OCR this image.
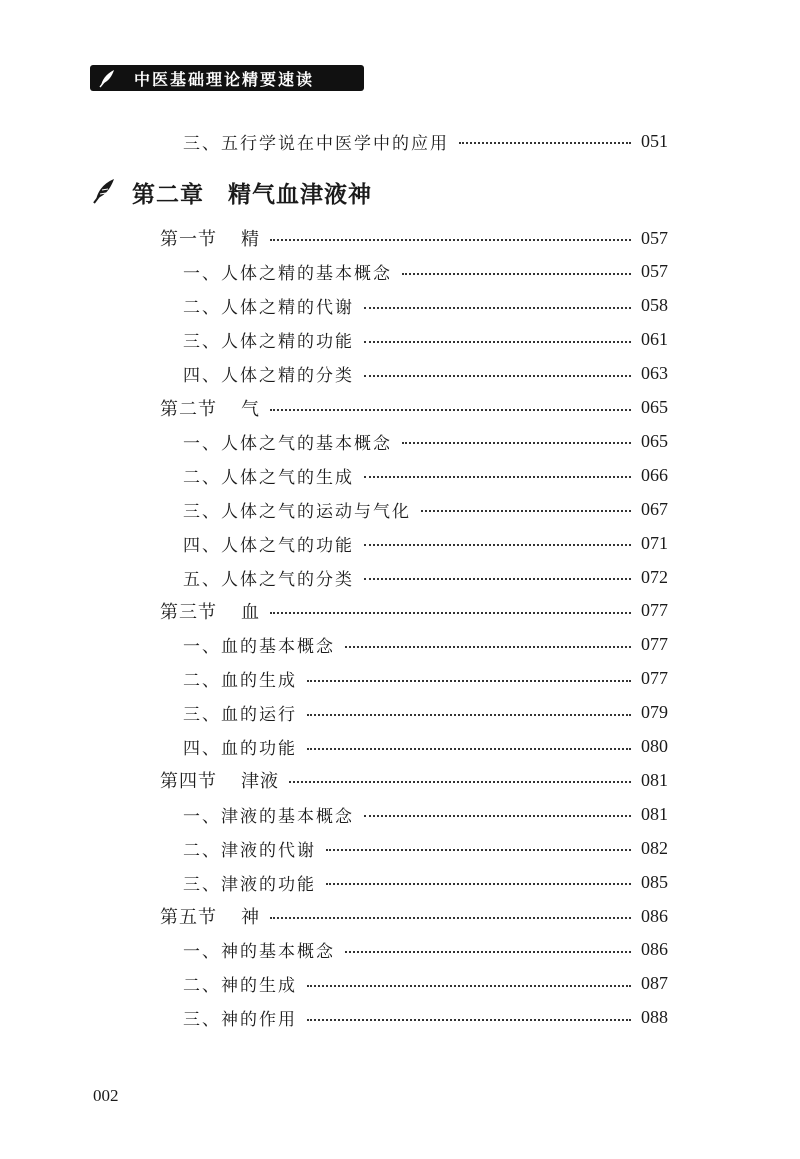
中医基础理论精要速读
三、五行学说在中医学中的应用	051
第二章　精气血津液神
第一节 精	057
一、人体之精的基本概念	057
二、人体之精的代谢	058
三、人体之精的功能	061
四、人体之精的分类	063
第二节 气	065
一、人体之气的基本概念	065
二、人体之气的生成	066
三、人体之气的运动与气化	067
四、人体之气的功能	071
五、人体之气的分类	072
第三节 血	077
一、血的基本概念	077
二、血的生成	077
三、血的运行	079
四、血的功能	080
第四节 津液	081
一、津液的基本概念	081
二、津液的代谢	082
三、津液的功能	085
第五节 神	086
一、神的基本概念	086
二、神的生成	087
三、神的作用	088
002
